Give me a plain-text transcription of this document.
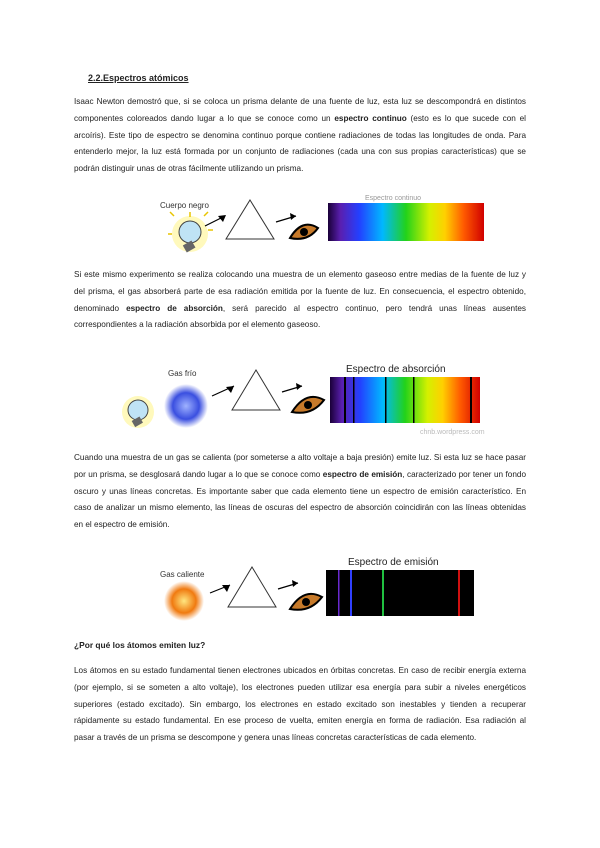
2.2.Espectros atómicos

Isaac Newton demostró que, si se coloca un prisma delante de una fuente de luz, esta luz se descompondrá en distintos componentes coloreados dando lugar a lo que se conoce como un espectro continuo (esto es lo que sucede con el arcoíris). Este tipo de espectro se denomina continuo porque contiene radiaciones de todas las longitudes de onda. Para entenderlo mejor, la luz está formada por un conjunto de radiaciones (cada una con sus propias características) que se podrán distinguir unas de otras fácilmente utilizando un prisma.

Cuerpo negro
Espectro continuo

Si este mismo experimento se realiza colocando una muestra de un elemento gaseoso entre medias de la fuente de luz y del prisma, el gas absorberá parte de esa radiación emitida por la fuente de luz. En consecuencia, el espectro obtenido, denominado espectro de absorción, será parecido al espectro continuo, pero tendrá unas líneas ausentes correspondientes a la radiación absorbida por el elemento gaseoso.

Gas frío	Espectro de absorción
chnb.wordpress.com

Cuando una muestra de un gas se calienta (por someterse a alto voltaje a baja presión) emite luz. Si esta luz se hace pasar por un prisma, se desglosará dando lugar a lo que se conoce como espectro de emisión, caracterizado por tener un fondo oscuro y unas líneas concretas. Es importante saber que cada elemento tiene un espectro de emisión característico. En caso de analizar un mismo elemento, las líneas de oscuras del espectro de absorción coincidirán con las líneas obtenidas en el espectro de emisión.

Gas caliente
Espectro de emisión
¿Por qué los átomos emiten luz?

Los átomos en su estado fundamental tienen electrones ubicados en órbitas concretas. En caso de recibir energía externa (por ejemplo, si se someten a alto voltaje), los electrones pueden utilizar esa energía para subir a niveles energéticos superiores (estado excitado). Sin embargo, los electrones en estado excitado son inestables y tienden a recuperar rápidamente su estado fundamental. En ese proceso de vuelta, emiten energía en forma de radiación. Esa radiación al pasar a través de un prisma se descompone y genera unas líneas concretas características de cada elemento.
